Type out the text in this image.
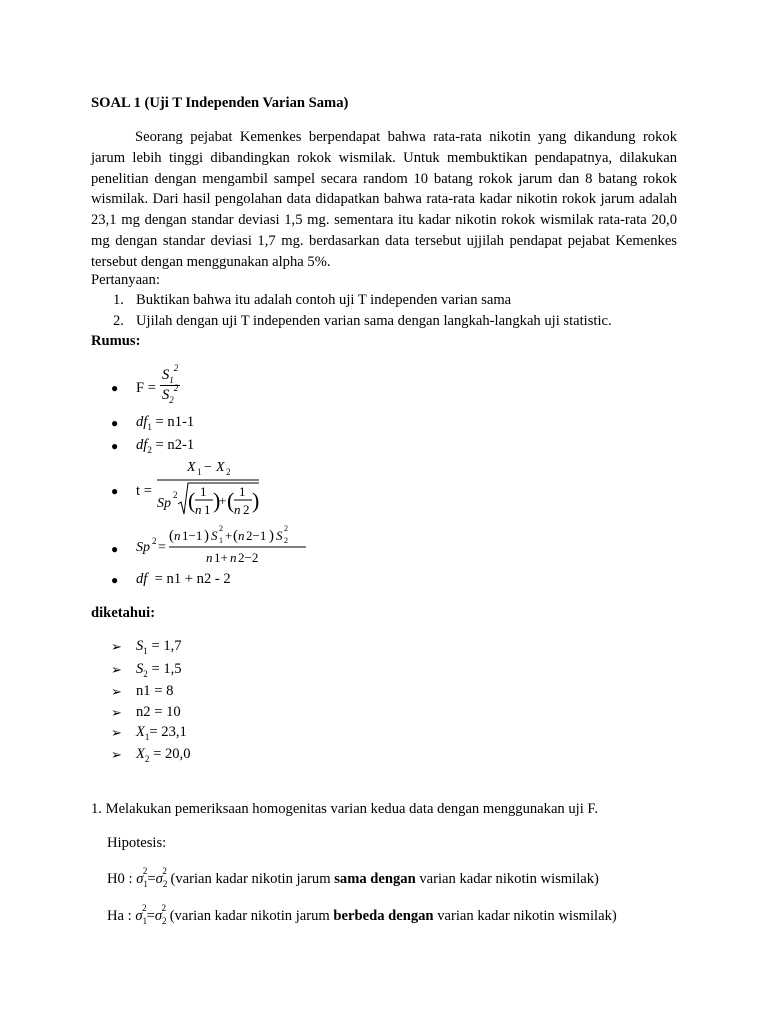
SOAL 1 (Uji T Independen Varian Sama)
Seorang pejabat Kemenkes berpendapat bahwa rata-rata nikotin yang dikandung rokok jarum lebih tinggi dibandingkan rokok wismilak. Untuk membuktikan pendapatnya, dilakukan penelitian dengan mengambil sampel secara random 10 batang rokok jarum dan 8 batang rokok wismilak. Dari hasil pengolahan data didapatkan bahwa rata-rata kadar nikotin rokok jarum adalah 23,1 mg dengan standar deviasi 1,5 mg. sementara itu kadar nikotin rokok wismilak rata-rata 20,0 mg dengan standar deviasi 1,7 mg. berdasarkan data tersebut ujjilah pendapat pejabat Kemenkes tersebut dengan menggunakan alpha 5%.
Pertanyaan:
1. Buktikan bahwa itu adalah contoh uji T independen varian sama
2. Ujilah dengan uji T independen varian sama dengan langkah-langkah uji statistic.
Rumus:
● $F = \frac{S_1^2}{S_2^2}$
● $df_1 = n1-1$
● $df_2 = n2-1$
● t =
X 1 − X 2
Sp
2 ( 1
n 1 )
+ ( 1
n 2 )
● Sp 2 =
( n 1−1 ) S 1
2 + ( n 2−1 ) S 2
2
n 1+ n 2−2
● df = n1 + n2 - 2
diketahui:
➢ $S_1 = 1,7$
➢ $S_2 = 1,5$
➢ n1 = 8
➢ n2 = 10
➢ $X_1= 23,1$
➢ $X_2 = 20,0$
1. Melakukan pemeriksaan homogenitas varian kedua data dengan menggunakan uji F.
Hipotesis:
H0 : $\sigma_1^2=\sigma_2^2$ (varian kadar nikotin jarum sama dengan varian kadar nikotin wismilak)
Ha : $\sigma_1^2=\sigma_2^2$ (varian kadar nikotin jarum berbeda dengan varian kadar nikotin wismilak)
